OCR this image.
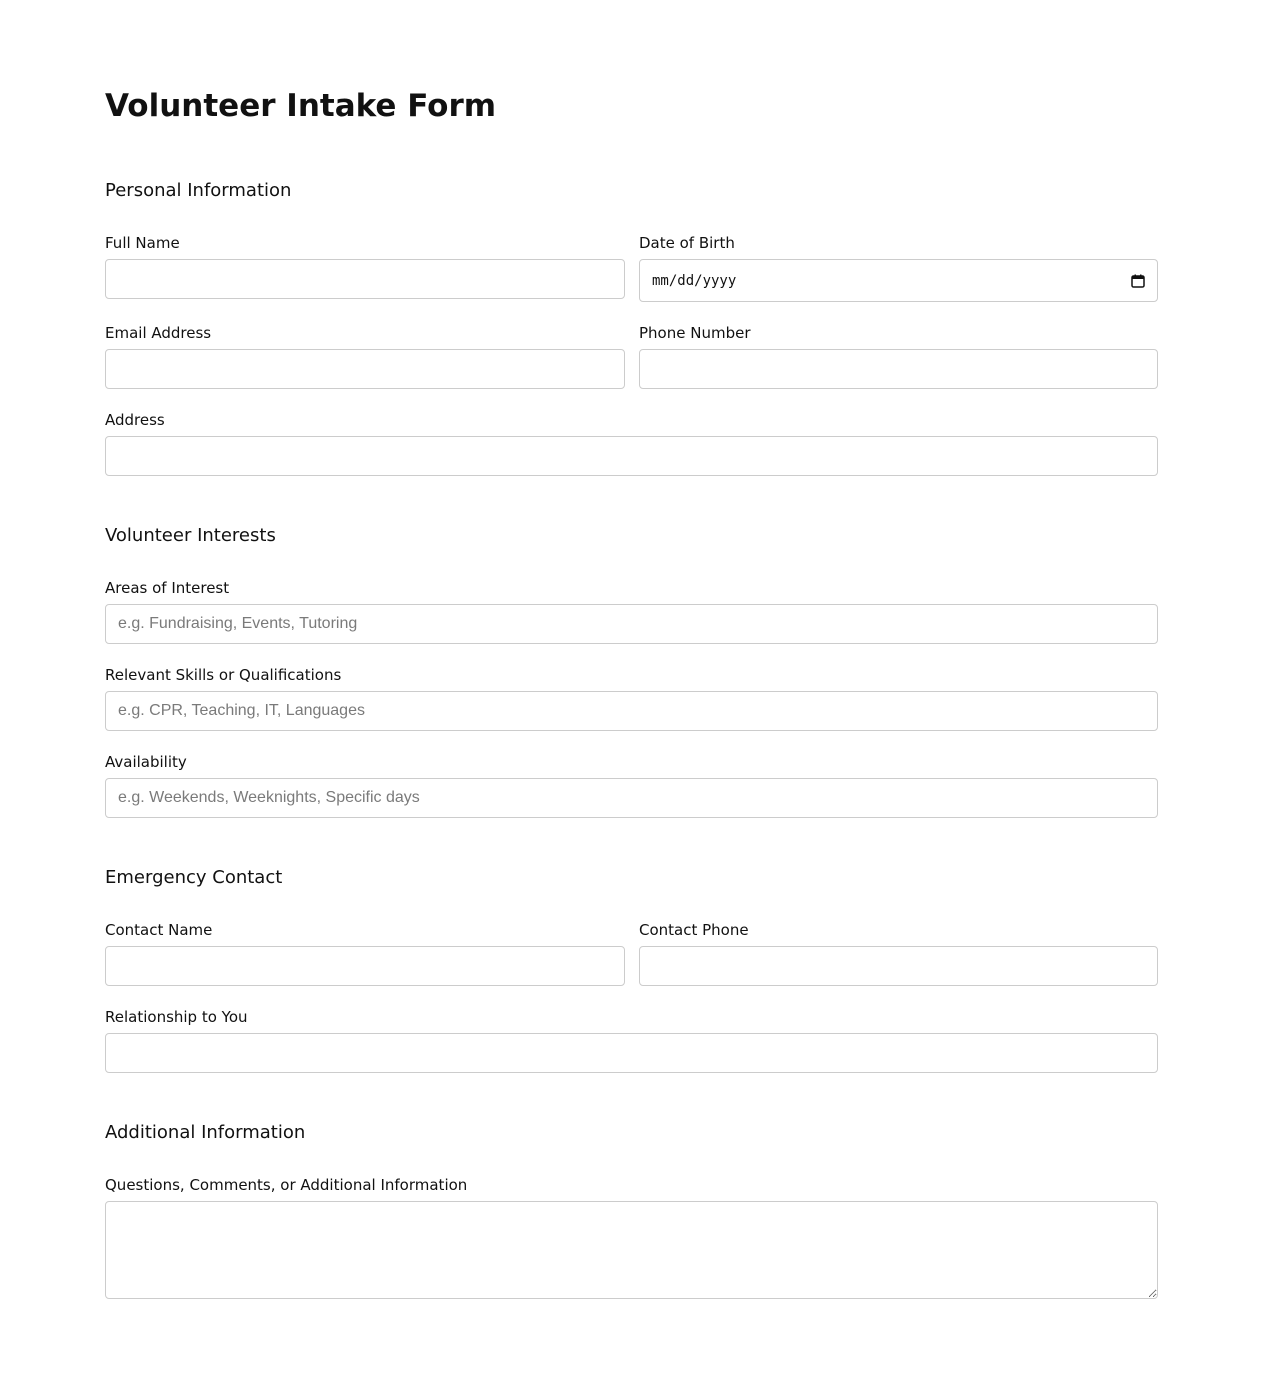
Volunteer Intake Form
Personal Information
Full Name	Date of Birth
mm/dd/yyyy
Email Address	Phone Number
Address
Volunteer Interests
Areas of Interest
e.g. Fundraising, Events, Tutoring
Relevant Skills or Qualifications
e.g. CPR, Teaching, IT, Languages
Availability
e.g. Weekends, Weeknights, Specific days
Emergency Contact
Contact Name	Contact Phone
Relationship to You
Additional Information
Questions, Comments, or Additional Information
